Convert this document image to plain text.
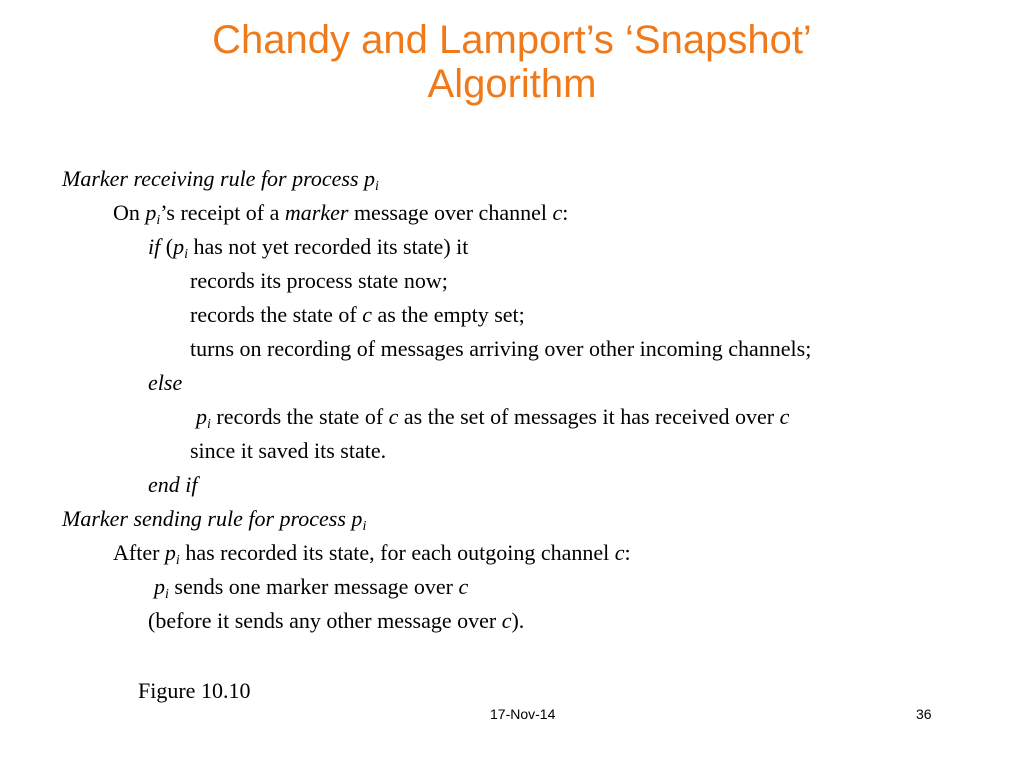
Chandy and Lamport’s ‘Snapshot’
Algorithm
Marker receiving rule for process $p_i$
On $p_i’s$ receipt of a marker message over channel c:
if ($p_i$ has not yet recorded its state) it
records its process state now;
records the state of c as the empty set;
turns on recording of messages arriving over other incoming channels;
else
$p_i$ records the state of c as the set of messages it has received over c
since it saved its state.
end if
Marker sending rule for process $p_i$
After $p_i$ has recorded its state, for each outgoing channel c:
$p_i$ sends one marker message over c
(before it sends any other message over c).
Figure 10.10
17-Nov-14	36
